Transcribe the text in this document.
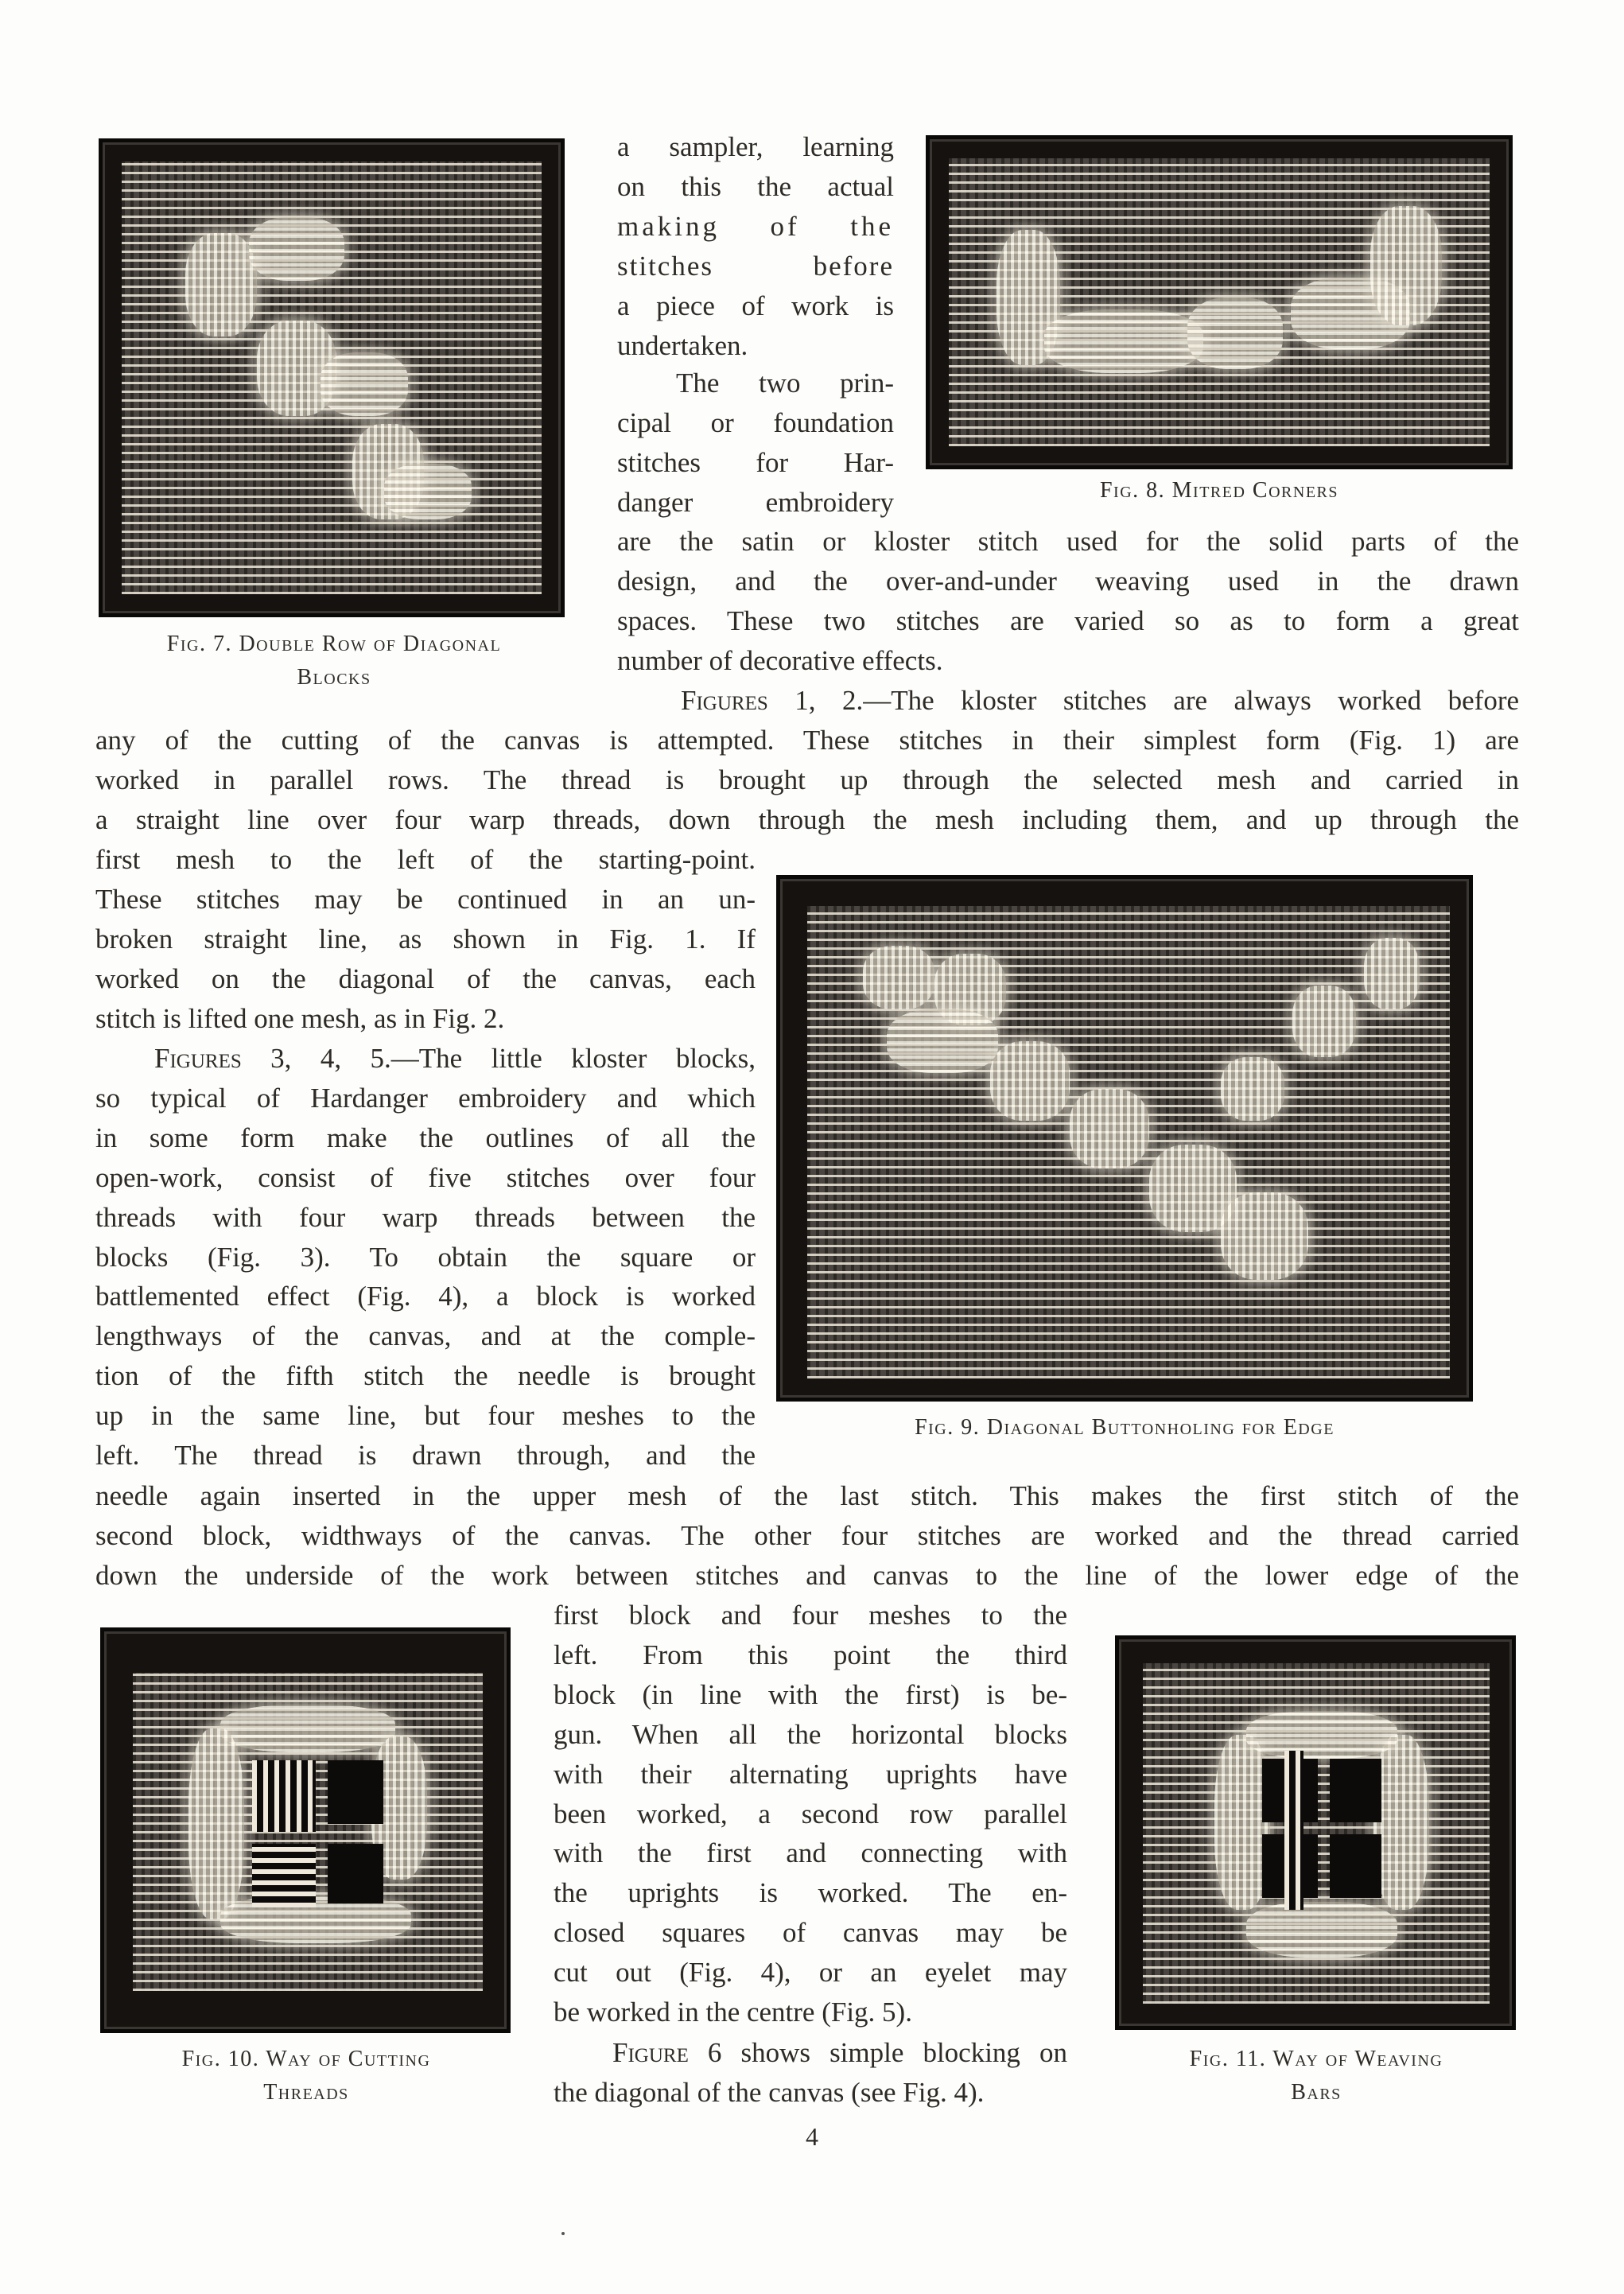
Fig. 7. Double Row of Diagonal
Blocks
Fig. 8. Mitred Corners
Fig. 9. Diagonal Buttonholing for Edge
Fig. 10. Way of Cutting
Threads
Fig. 11. Way of Weaving
Bars
a sampler, learning
on this the actual
making of the
stitches before
a piece of work is
undertaken.
The two prin-
cipal or foundation
stitches for Har-
danger embroidery
are the satin or kloster stitch used for the solid parts of the
design, and the over-and-under weaving used in the drawn
spaces. These two stitches are varied so as to form a great
number of decorative effects.
Figures 1, 2.—The kloster stitches are always worked before
any of the cutting of the canvas is attempted. These stitches in their simplest form (Fig. 1) are
worked in parallel rows. The thread is brought up through the selected mesh and carried in
a straight line over four warp threads, down through the mesh including them, and up through the
first mesh to the left of the starting-point.
These stitches may be continued in an un-
broken straight line, as shown in Fig. 1. If
worked on the diagonal of the canvas, each
stitch is lifted one mesh, as in Fig. 2.
Figures 3, 4, 5.—The little kloster blocks,
so typical of Hardanger embroidery and which
in some form make the outlines of all the
open-work, consist of five stitches over four
threads with four warp threads between the
blocks (Fig. 3). To obtain the square or
battlemented effect (Fig. 4), a block is worked
lengthways of the canvas, and at the comple-
tion of the fifth stitch the needle is brought
up in the same line, but four meshes to the
left. The thread is drawn through, and the
needle again inserted in the upper mesh of the last stitch. This makes the first stitch of the
second block, widthways of the canvas. The other four stitches are worked and the thread carried
down the underside of the work between stitches and canvas to the line of the lower edge of the
first block and four meshes to the
left. From this point the third
block (in line with the first) is be-
gun. When all the horizontal blocks
with their alternating uprights have
been worked, a second row parallel
with the first and connecting with
the uprights is worked. The en-
closed squares of canvas may be
cut out (Fig. 4), or an eyelet may
be worked in the centre (Fig. 5).
Figure 6 shows simple blocking on
the diagonal of the canvas (see Fig. 4).
4
